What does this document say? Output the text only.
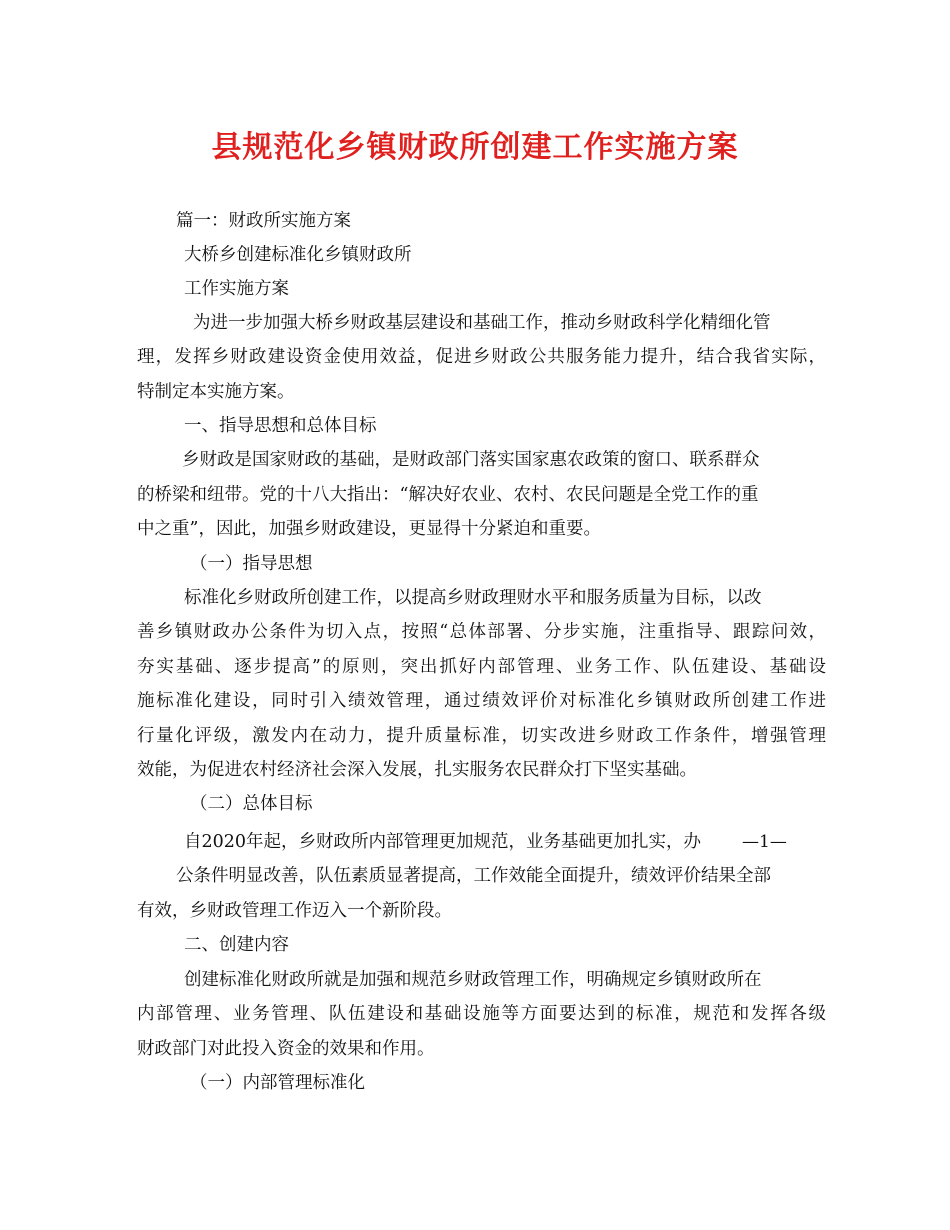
县规范化乡镇财政所创建工作实施方案
篇一：财政所实施方案
大桥乡创建标准化乡镇财政所
工作实施方案
为进一步加强大桥乡财政基层建设和基础工作，推动乡财政科学化精细化管
理，发挥乡财政建设资金使用效益，促进乡财政公共服务能力提升，结合我省实际，
特制定本实施方案。
一、指导思想和总体目标
乡财政是国家财政的基础，是财政部门落实国家惠农政策的窗口、联系群众
的桥梁和纽带。党的十八大指出：“解决好农业、农村、农民问题是全党工作的重
中之重”，因此，加强乡财政建设，更显得十分紧迫和重要。
（一）指导思想
标准化乡财政所创建工作，以提高乡财政理财水平和服务质量为目标，以改
善乡镇财政办公条件为切入点，按照“总体部署、分步实施，注重指导、跟踪问效，
夯实基础、逐步提高”的原则，突出抓好内部管理、业务工作、队伍建设、基础设
施标准化建设，同时引入绩效管理，通过绩效评价对标准化乡镇财政所创建工作进
行量化评级，激发内在动力，提升质量标准，切实改进乡财政工作条件，增强管理
效能，为促进农村经济社会深入发展，扎实服务农民群众打下坚实基础。
（二）总体目标
自2020年起，乡财政所内部管理更加规范，业务基础更加扎实，办 —1—
公条件明显改善，队伍素质显著提高，工作效能全面提升，绩效评价结果全部
有效，乡财政管理工作迈入一个新阶段。
二、创建内容
创建标准化财政所就是加强和规范乡财政管理工作，明确规定乡镇财政所在
内部管理、业务管理、队伍建设和基础设施等方面要达到的标准，规范和发挥各级
财政部门对此投入资金的效果和作用。
（一）内部管理标准化
